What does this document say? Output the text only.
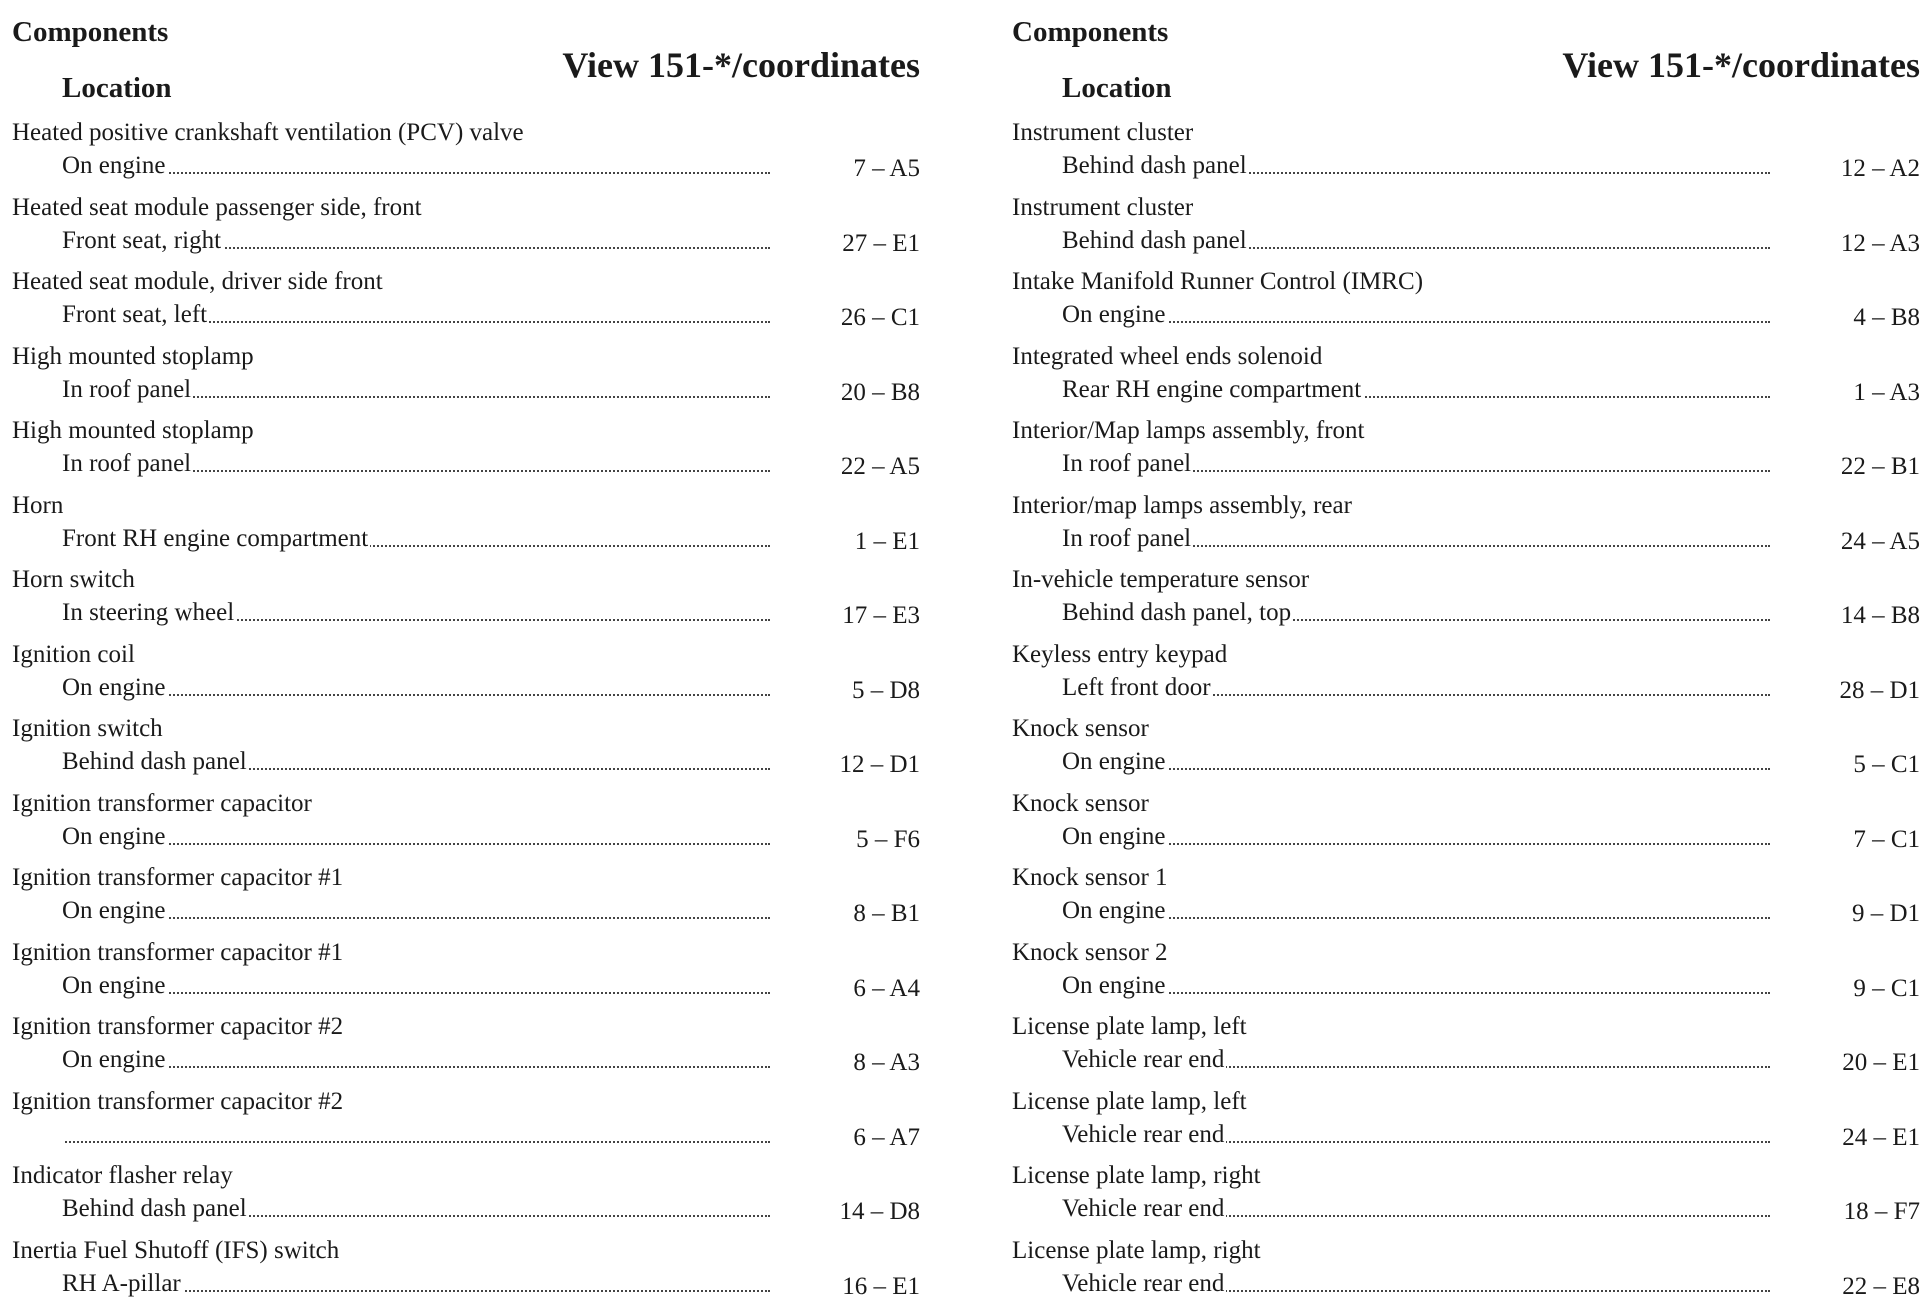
Components
Location
View 151-*/coordinates
Heated positive crankshaft ventilation (PCV) valve
On engine	7 – A5
Heated seat module passenger side, front
Front seat, right	27 – E1
Heated seat module, driver side front
Front seat, left	26 – C1
High mounted stoplamp
In roof panel	20 – B8
High mounted stoplamp
In roof panel	22 – A5
Horn
Front RH engine compartment	1 – E1
Horn switch
In steering wheel	17 – E3
Ignition coil
On engine	5 – D8
Ignition switch
Behind dash panel	12 – D1
Ignition transformer capacitor
On engine	5 – F6
Ignition transformer capacitor #1
On engine	8 – B1
Ignition transformer capacitor #1
On engine	6 – A4
Ignition transformer capacitor #2
On engine	8 – A3
Ignition transformer capacitor #2
6 – A7
Indicator flasher relay
Behind dash panel	14 – D8
Inertia Fuel Shutoff (IFS) switch
RH A-pillar	16 – E1
Components
Location
View 151-*/coordinates
Instrument cluster
Behind dash panel	12 – A2
Instrument cluster
Behind dash panel	12 – A3
Intake Manifold Runner Control (IMRC)
On engine	4 – B8
Integrated wheel ends solenoid
Rear RH engine compartment	1 – A3
Interior/Map lamps assembly, front
In roof panel	22 – B1
Interior/map lamps assembly, rear
In roof panel	24 – A5
In-vehicle temperature sensor
Behind dash panel, top	14 – B8
Keyless entry keypad
Left front door	28 – D1
Knock sensor
On engine	5 – C1
Knock sensor
On engine	7 – C1
Knock sensor 1
On engine	9 – D1
Knock sensor 2
On engine	9 – C1
License plate lamp, left
Vehicle rear end	20 – E1
License plate lamp, left
Vehicle rear end	24 – E1
License plate lamp, right
Vehicle rear end	18 – F7
License plate lamp, right
Vehicle rear end	22 – E8
